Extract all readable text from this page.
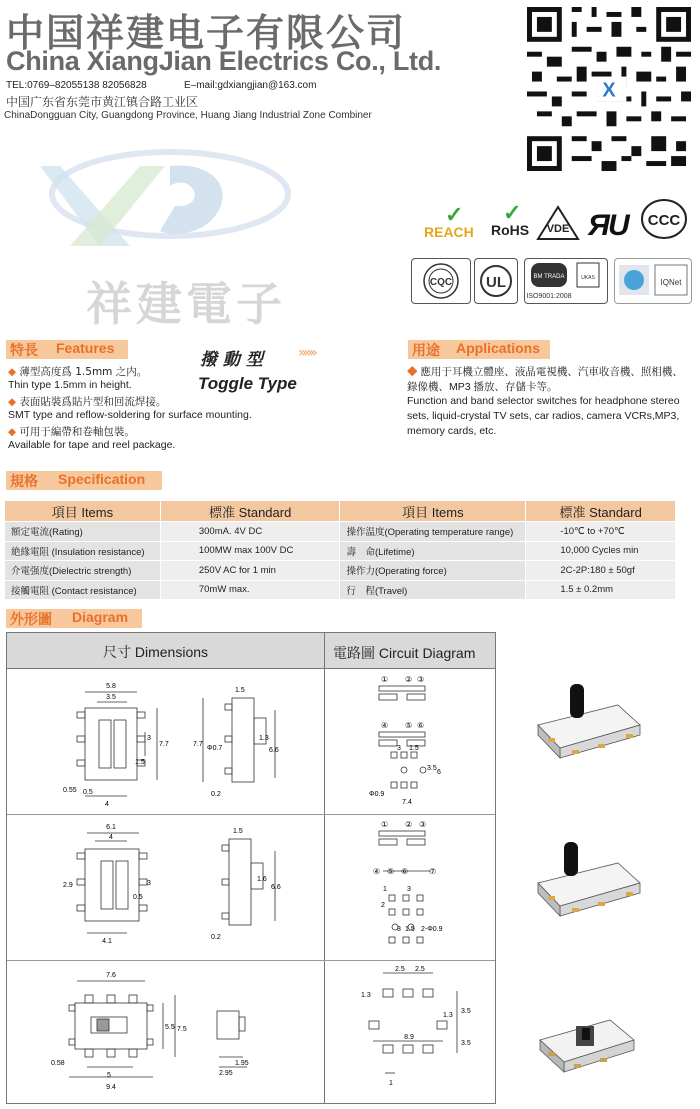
中国祥建电子有限公司
China XiangJian Electrics Co., Ltd.
TEL:0769–82055138 82056828	E–mail:gdxiangjian@163.com
中国广东省东莞市黄江镇合路工业区
ChinaDongguan City, Guangdong Province, Huang Jiang Industrial Zone Combiner
X
祥建電子
✓
REACH
✓
RoHS VDE Я
U CCC
CQC UL	BM TRADA	UKAS
ISO9001:2008
IQNet
特長 Features
◆ 薄型高度爲 1.5mm 之内。
Thin type 1.5mm in height.
◆ 表面貼裝爲貼片型和回流焊接。
SMT type and reflow-soldering for surface mounting.
◆ 可用于編帶和卷軸包裝。
Available for tape and reel package.
撥 動 型	»»»
Toggle Type
用途 Applications
◆ 應用于耳機立體座、液晶電視機、汽車收音機、照相機、
錄像機、MP3 播放、存儲卡等。
Function and band selector switches for headphone stereo
sets, liquid-crystal TV sets, car radios, camera VCRs,MP3,
memory cards, etc.
規格 Specification
項目 Items	標准 Standard	項目 Items	標准 Standard
額定電流(Rating)	300mA. 4V DC	操作温度(Operating temperature range)	-10℃ to +70℃
絶緣電阻 (Insulation resistance)	100MW max 100V DC	壽　命(Lifetime)	10,000 Cycles min
介電强度(Dielectric strength)	250V AC for 1 min	操作力(Operating force)	2C-2P:180 ± 50gf
接觸電阻 (Contact resistance)	70mW max.	行　程(Travel)	1.5 ± 0.2mm
外形圖 Diagram
尺寸 Dimensions	電路圖 Circuit Diagram
5.8
3.5
3
7.7
1.5
0.55 0.5
4
1.5
7.7
Φ0.7
1.3
6.6
0.2
① ② ③
④ ⑤ ⑥
3 1.5
3.5
6
Φ0.9
7.4
6.1
4
2.9
0.5
3
4.1
1.5
1.6
6.6
0.2
① ② ③
④ ⑤ ⑥	⑦
1	3
2
3 1.5 2-Φ0.9
7.6
5.5 7.5
0.58
5
9.4
1.95
2.95
2.5 2.5
1.3
1.3
8.9
3.5
3.5
1
